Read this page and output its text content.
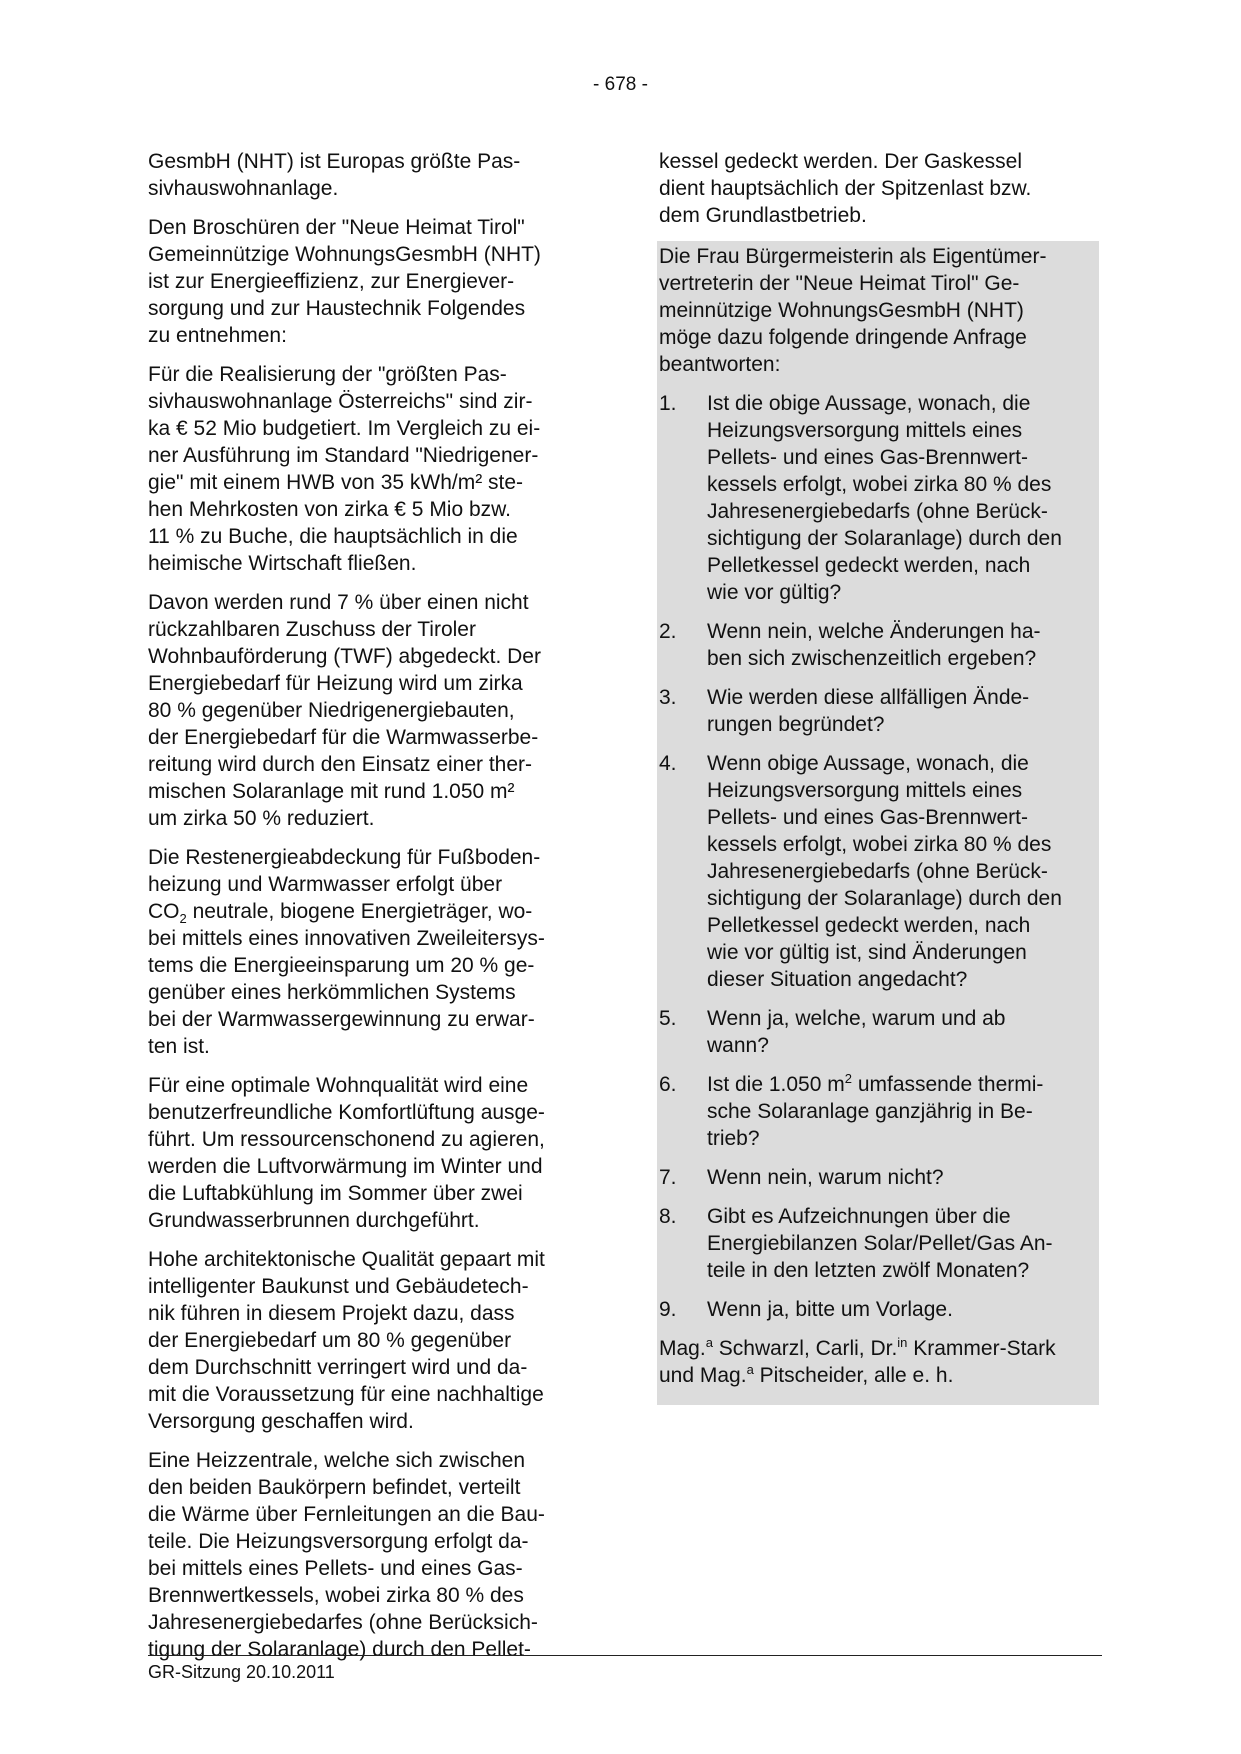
- 678 -

GesmbH (NHT) ist Europas größte Pas-
sivhauswohnanlage.

Den Broschüren der "Neue Heimat Tirol"
Gemeinnützige WohnungsGesmbH (NHT)
ist zur Energieeffizienz, zur Energiever-
sorgung und zur Haustechnik Folgendes
zu entnehmen:

Für die Realisierung der "größten Pas-
sivhauswohnanlage Österreichs" sind zir-
ka € 52 Mio budgetiert. Im Vergleich zu ei-
ner Ausführung im Standard "Niedrigener-
gie" mit einem HWB von 35 kWh/m² ste-
hen Mehrkosten von zirka € 5 Mio bzw.
11 % zu Buche, die hauptsächlich in die
heimische Wirtschaft fließen.

Davon werden rund 7 % über einen nicht
rückzahlbaren Zuschuss der Tiroler
Wohnbauförderung (TWF) abgedeckt. Der
Energiebedarf für Heizung wird um zirka
80 % gegenüber Niedrigenergiebauten,
der Energiebedarf für die Warmwasserbe-
reitung wird durch den Einsatz einer ther-
mischen Solaranlage mit rund 1.050 m²
um zirka 50 % reduziert.

Die Restenergieabdeckung für Fußboden-
heizung und Warmwasser erfolgt über
$CO_2$ neutrale, biogene Energieträger, wo-
bei mittels eines innovativen Zweileitersys-
tems die Energieeinsparung um 20 % ge-
genüber eines herkömmlichen Systems
bei der Warmwassergewinnung zu erwar-
ten ist.

Für eine optimale Wohnqualität wird eine
benutzerfreundliche Komfortlüftung ausge-
führt. Um ressourcenschonend zu agieren,
werden die Luftvorwärmung im Winter und
die Luftabkühlung im Sommer über zwei
Grundwasserbrunnen durchgeführt.

Hohe architektonische Qualität gepaart mit
intelligenter Baukunst und Gebäudetech-
nik führen in diesem Projekt dazu, dass
der Energiebedarf um 80 % gegenüber
dem Durchschnitt verringert wird und da-
mit die Voraussetzung für eine nachhaltige
Versorgung geschaffen wird.

Eine Heizzentrale, welche sich zwischen
den beiden Baukörpern befindet, verteilt
die Wärme über Fernleitungen an die Bau-
teile. Die Heizungsversorgung erfolgt da-
bei mittels eines Pellets- und eines Gas-
Brennwertkessels, wobei zirka 80 % des
Jahresenergiebedarfes (ohne Berücksich-
tigung der Solaranlage) durch den Pellet-

kessel gedeckt werden. Der Gaskessel
dient hauptsächlich der Spitzenlast bzw.
dem Grundlastbetrieb.

Die Frau Bürgermeisterin als Eigentümer-
vertreterin der "Neue Heimat Tirol" Ge-
meinnützige WohnungsGesmbH (NHT)
möge dazu folgende dringende Anfrage
beantworten:

1.	Ist die obige Aussage, wonach, die
Heizungsversorgung mittels eines
Pellets- und eines Gas-Brennwert-
kessels erfolgt, wobei zirka 80 % des
Jahresenergiebedarfs (ohne Berück-
sichtigung der Solaranlage) durch den
Pelletkessel gedeckt werden, nach
wie vor gültig?
2.	Wenn nein, welche Änderungen ha-
ben sich zwischenzeitlich ergeben?
3.	Wie werden diese allfälligen Ände-
rungen begründet?
4.	Wenn obige Aussage, wonach, die
Heizungsversorgung mittels eines
Pellets- und eines Gas-Brennwert-
kessels erfolgt, wobei zirka 80 % des
Jahresenergiebedarfs (ohne Berück-
sichtigung der Solaranlage) durch den
Pelletkessel gedeckt werden, nach
wie vor gültig ist, sind Änderungen
dieser Situation angedacht?
5.	Wenn ja, welche, warum und ab
wann?
6.	Ist die 1.050 $m^2$ umfassende thermi-
sche Solaranlage ganzjährig in Be-
trieb?
7.	Wenn nein, warum nicht?
8.	Gibt es Aufzeichnungen über die
Energiebilanzen Solar/Pellet/Gas An-
teile in den letzten zwölf Monaten?
9.	Wenn ja, bitte um Vorlage.

Mag.$^a$ Schwarzl, Carli, Dr.$^{in}$ Krammer-Stark
und Mag.$^a$ Pitscheider, alle e. h.

GR-Sitzung 20.10.2011
